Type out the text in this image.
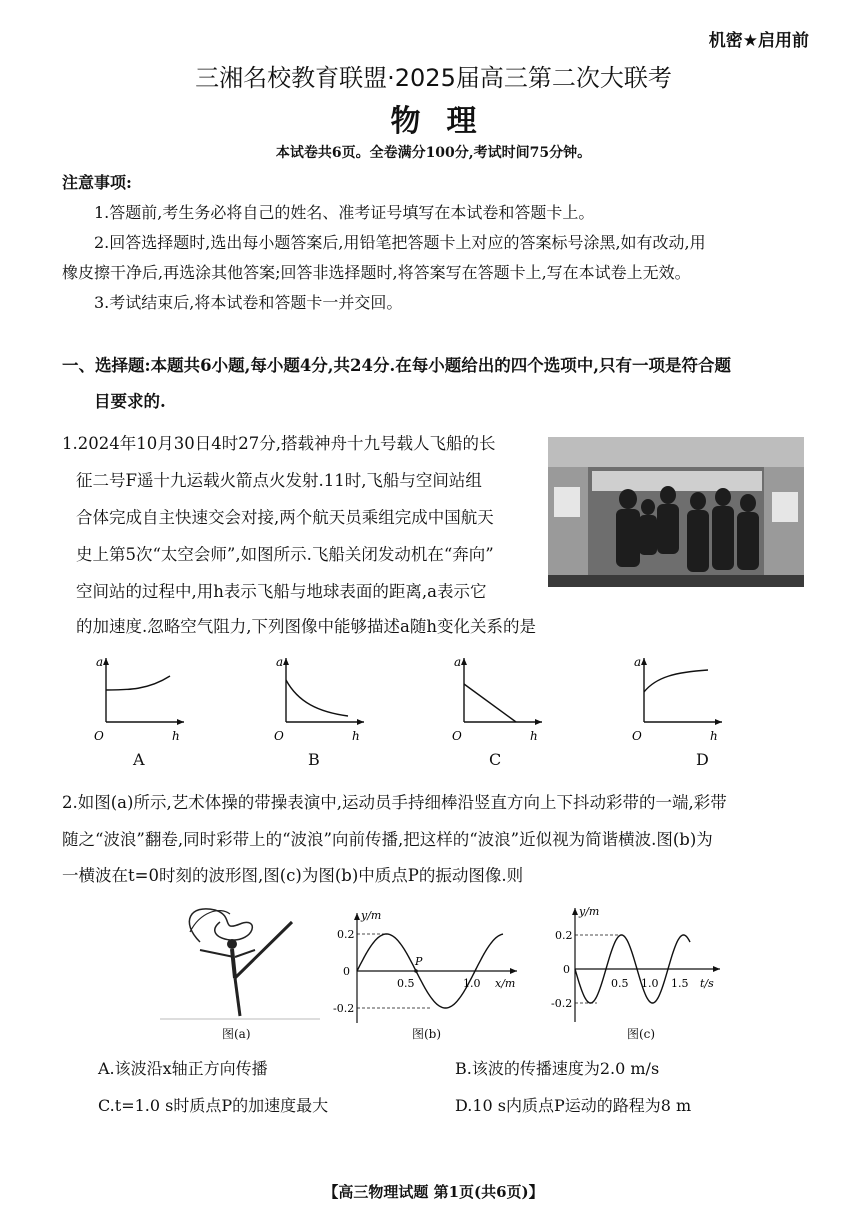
机密★启用前
三湘名校教育联盟·2025届高三第二次大联考
物理
本试卷共6页。全卷满分100分,考试时间75分钟。
注意事项:
1.答题前,考生务必将自己的姓名、准考证号填写在本试卷和答题卡上。
2.回答选择题时,选出每小题答案后,用铅笔把答题卡上对应的答案标号涂黑,如有改动,用
橡皮擦干净后,再选涂其他答案;回答非选择题时,将答案写在答题卡上,写在本试卷上无效。
3.考试结束后,将本试卷和答题卡一并交回。
一、选择题:本题共6小题,每小题4分,共24分.在每小题给出的四个选项中,只有一项是符合题
目要求的.
1.2024年10月30日4时27分,搭载神舟十九号载人飞船的长
征二号F遥十九运载火箭点火发射.11时,飞船与空间站组
合体完成自主快速交会对接,两个航天员乘组完成中国航天
史上第5次“太空会师”,如图所示.飞船关闭发动机在“奔向”
空间站的过程中,用h表示飞船与地球表面的距离,a表示它
的加速度.忽略空气阻力,下列图像中能够描述a随h变化关系的是
a
h
O
A
a
h
O
B
a
h
O
C
a
h
O
D
2.如图(a)所示,艺术体操的带操表演中,运动员手持细棒沿竖直方向上下抖动彩带的一端,彩带
随之“波浪”翻卷,同时彩带上的“波浪”向前传播,把这样的“波浪”近似视为简谐横波.图(b)为
一横波在t=0时刻的波形图,图(c)为图(b)中质点P的振动图像.则
图(a)
y/m
x/m
0
0.2
-0.2
0.5	1.0
P
图(b)
y/m
t/s
0
0.2
-0.2
0.5 1.0 1.5
图(c)
A.该波沿x轴正方向传播	B.该波的传播速度为2.0 m/s
C.t=1.0 s时质点P的加速度最大	D.10 s内质点P运动的路程为8 m
【高三物理试题 第1页(共6页)】
